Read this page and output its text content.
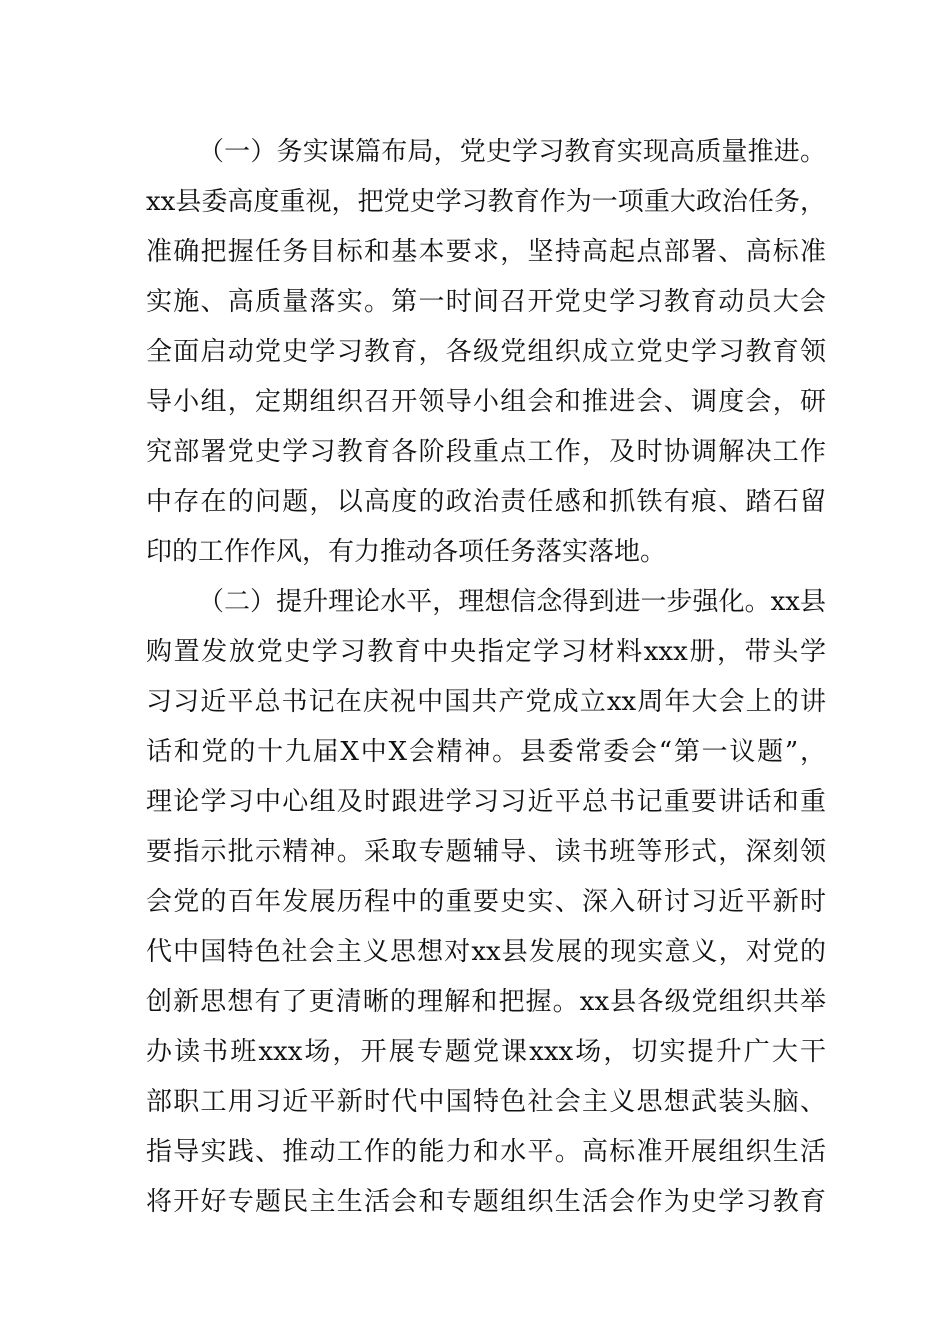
（一）务实谋篇布局，党史学习教育实现高质量推进。
xx县委高度重视，把党史学习教育作为一项重大政治任务，
准确把握任务目标和基本要求，坚持高起点部署、高标准
实施、高质量落实。第一时间召开党史学习教育动员大会
全面启动党史学习教育，各级党组织成立党史学习教育领
导小组，定期组织召开领导小组会和推进会、调度会，研
究部署党史学习教育各阶段重点工作，及时协调解决工作
中存在的问题，以高度的政治责任感和抓铁有痕、踏石留
印的工作作风，有力推动各项任务落实落地。
（二）提升理论水平，理想信念得到进一步强化。xx县
购置发放党史学习教育中央指定学习材料xxx册，带头学
习习近平总书记在庆祝中国共产党成立xx周年大会上的讲
话和党的十九届X中X会精神。县委常委会“第一议题”，
理论学习中心组及时跟进学习习近平总书记重要讲话和重
要指示批示精神。采取专题辅导、读书班等形式，深刻领
会党的百年发展历程中的重要史实、深入研讨习近平新时
代中国特色社会主义思想对xx县发展的现实意义，对党的
创新思想有了更清晰的理解和把握。xx县各级党组织共举
办读书班xxx场，开展专题党课xxx场，切实提升广大干
部职工用习近平新时代中国特色社会主义思想武装头脑、
指导实践、推动工作的能力和水平。高标准开展组织生活
将开好专题民主生活会和专题组织生活会作为史学习教育
